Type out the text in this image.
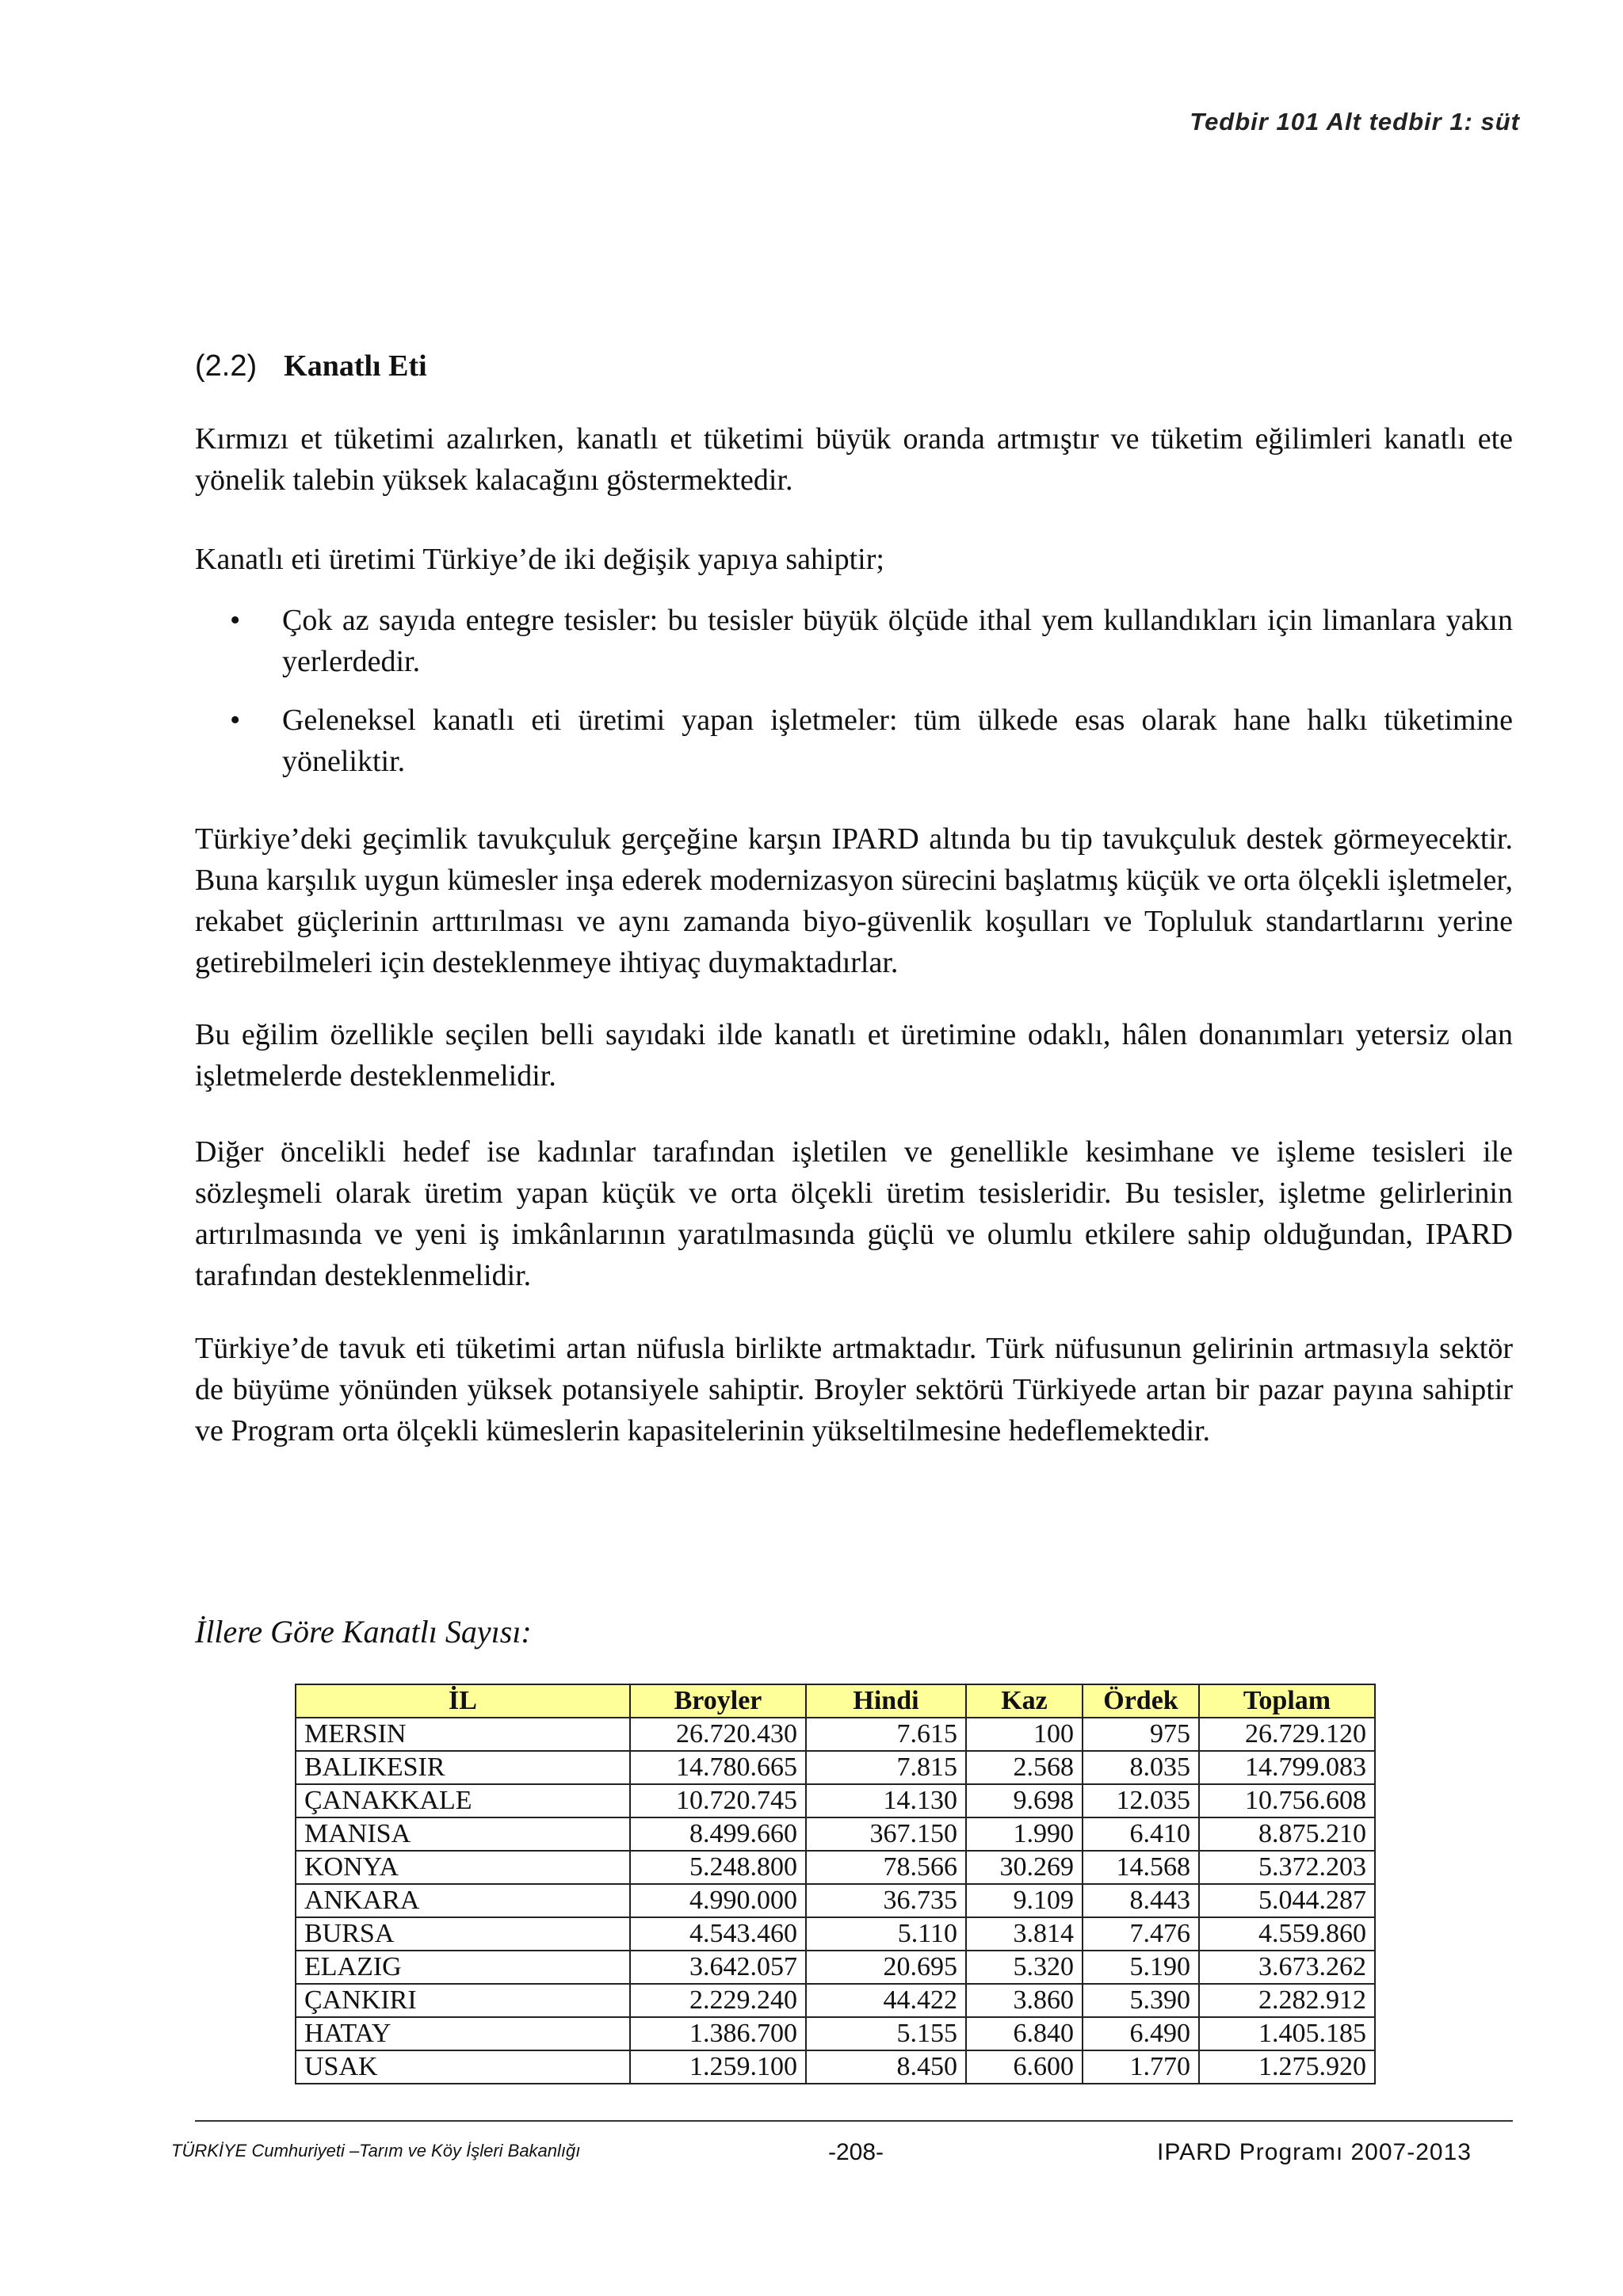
Tedbir 101 Alt tedbir 1: süt
(2.2) Kanatlı Eti

Kırmızı et tüketimi azalırken, kanatlı et tüketimi büyük oranda artmıştır ve tüketim eğilimleri kanatlı ete yönelik talebin yüksek kalacağını göstermektedir.

Kanatlı eti üretimi Türkiye’de iki değişik yapıya sahiptir;

• Çok az sayıda entegre tesisler: bu tesisler büyük ölçüde ithal yem kullandıkları için limanlara yakın yerlerdedir.
• Geleneksel kanatlı eti üretimi yapan işletmeler: tüm ülkede esas olarak hane halkı tüketimine yöneliktir.

Türkiye’deki geçimlik tavukçuluk gerçeğine karşın IPARD altında bu tip tavukçuluk destek görmeyecektir. Buna karşılık uygun kümesler inşa ederek modernizasyon sürecini başlatmış küçük ve orta ölçekli işletmeler, rekabet güçlerinin arttırılması ve aynı zamanda biyo-güvenlik koşulları ve Topluluk standartlarını yerine getirebilmeleri için desteklenmeye ihtiyaç duymaktadırlar.

Bu eğilim özellikle seçilen belli sayıdaki ilde kanatlı et üretimine odaklı, hâlen donanımları yetersiz olan işletmelerde desteklenmelidir.

Diğer öncelikli hedef ise kadınlar tarafından işletilen ve genellikle kesimhane ve işleme tesisleri ile sözleşmeli olarak üretim yapan küçük ve orta ölçekli üretim tesisleridir. Bu tesisler, işletme gelirlerinin artırılmasında ve yeni iş imkânlarının yaratılmasında güçlü ve olumlu etkilere sahip olduğundan, IPARD tarafından desteklenmelidir.

Türkiye’de tavuk eti tüketimi artan nüfusla birlikte artmaktadır. Türk nüfusunun gelirinin artmasıyla sektör de büyüme yönünden yüksek potansiyele sahiptir. Broyler sektörü Türkiyede artan bir pazar payına sahiptir ve Program orta ölçekli kümeslerin kapasitelerinin yükseltilmesine hedeflemektedir.

İllere Göre Kanatlı Sayısı:
İL	Broyler	Hindi	Kaz	Ördek	Toplam
MERSIN	26.720.430	7.615	100	975	26.729.120
BALIKESIR	14.780.665	7.815	2.568	8.035	14.799.083
ÇANAKKALE	10.720.745	14.130	9.698	12.035	10.756.608
MANISA	8.499.660	367.150	1.990	6.410	8.875.210
KONYA	5.248.800	78.566	30.269	14.568	5.372.203
ANKARA	4.990.000	36.735	9.109	8.443	5.044.287
BURSA	4.543.460	5.110	3.814	7.476	4.559.860
ELAZIG	3.642.057	20.695	5.320	5.190	3.673.262
ÇANKIRI	2.229.240	44.422	3.860	5.390	2.282.912
HATAY	1.386.700	5.155	6.840	6.490	1.405.185
USAK	1.259.100	8.450	6.600	1.770	1.275.920
TÜRKİYE Cumhuriyeti –Tarım ve Köy İşleri Bakanlığı	-208-	IPARD Programı 2007-2013
